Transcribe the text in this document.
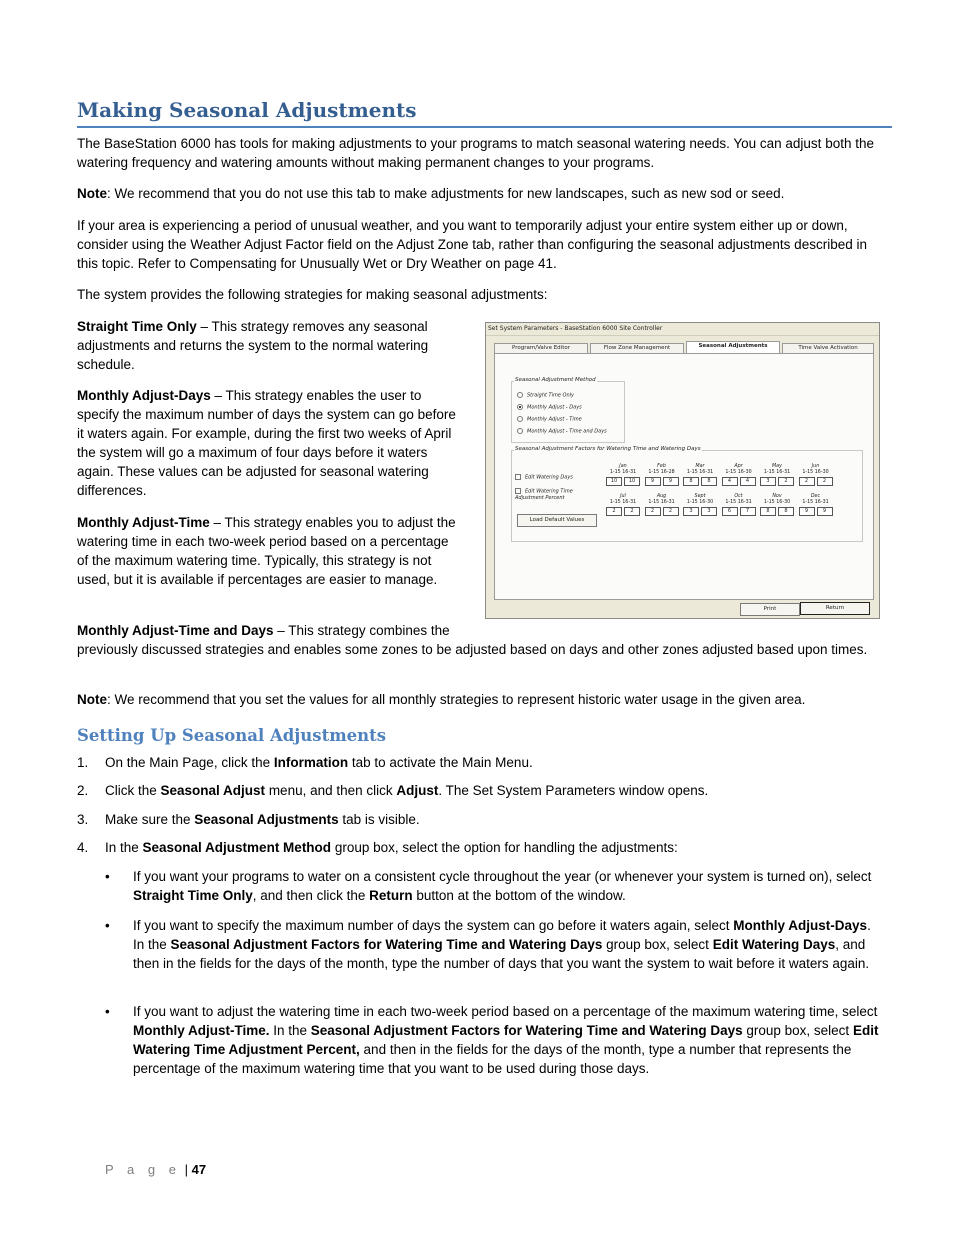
Making Seasonal Adjustments

The BaseStation 6000 has tools for making adjustments to your programs to match seasonal watering needs. You can adjust both the watering frequency and watering amounts without making permanent changes to your programs.

Note: We recommend that you do not use this tab to make adjustments for new landscapes, such as new sod or seed.

If your area is experiencing a period of unusual weather, and you want to temporarily adjust your entire system either up or down, consider using the Weather Adjust Factor field on the Adjust Zone tab, rather than configuring the seasonal adjustments described in this topic. Refer to Compensating for Unusually Wet or Dry Weather on page 41.

The system provides the following strategies for making seasonal adjustments:

Straight Time Only – This strategy removes any seasonal adjustments and returns the system to the normal watering schedule.

Monthly Adjust-Days – This strategy enables the user to specify the maximum number of days the system can go before it waters again. For example, during the first two weeks of April the system will go a maximum of four days before it waters again. These values can be adjusted for seasonal watering differences.

Monthly Adjust-Time – This strategy enables you to adjust the watering time in each two-week period based on a percentage of the maximum watering time. Typically, this strategy is not used, but it is available if percentages are easier to manage.

Monthly Adjust-Time and Days – This strategy combines the

previously discussed strategies and enables some zones to be adjusted based on days and other zones adjusted based upon times.

Note: We recommend that you set the values for all monthly strategies to represent historic water usage in the given area.

Setting Up Seasonal Adjustments
1. On the Main Page, click the Information tab to activate the Main Menu.
2. Click the Seasonal Adjust menu, and then click Adjust. The Set System Parameters window opens.
3. Make sure the Seasonal Adjustments tab is visible.
4. In the Seasonal Adjustment Method group box, select the option for handling the adjustments:
• If you want your programs to water on a consistent cycle throughout the year (or whenever your system is turned on), select Straight Time Only, and then click the Return button at the bottom of the window.
• If you want to specify the maximum number of days the system can go before it waters again, select Monthly Adjust-Days. In the Seasonal Adjustment Factors for Watering Time and Watering Days group box, select Edit Watering Days, and then in the fields for the days of the month, type the number of days that you want the system to wait before it waters again.
• If you want to adjust the watering time in each two-week period based on a percentage of the maximum watering time, select Monthly Adjust-Time. In the Seasonal Adjustment Factors for Watering Time and Watering Days group box, select Edit Watering Time Adjustment Percent, and then in the fields for the days of the month, type a number that represents the percentage of the maximum watering time that you want to be used during those days.
P a g e | 47
Set System Parameters - BaseStation 6000 Site Controller
Program/Valve Editor	Flow Zone Management	Seasonal Adjustments	Time Valve Activation
Seasonal Adjustment Method
Straight Time Only
Monthly Adjust - Days
Monthly Adjust - Time
Monthly Adjust - Time and Days
Seasonal Adjustment Factors for Watering Time and Watering Days
Edit Watering Days
Edit Watering Time Adjustment Percent
Load Default Values
Jan
1-15 16-31
10	10
Feb
1-15 16-28
9	9
Mar
1-15 16-31
8	8
Apr
1-15 16-30
4	4
May
1-15 16-31
3	2
Jun
1-15 16-30
2	2
Jul
1-15 16-31
2	2
Aug
1-15 16-31
2	2
Sept
1-15 16-30
3	3
Oct
1-15 16-31
6	7
Nov
1-15 16-30
8	8
Dec
1-15 16-31
9	9
Print	Return
